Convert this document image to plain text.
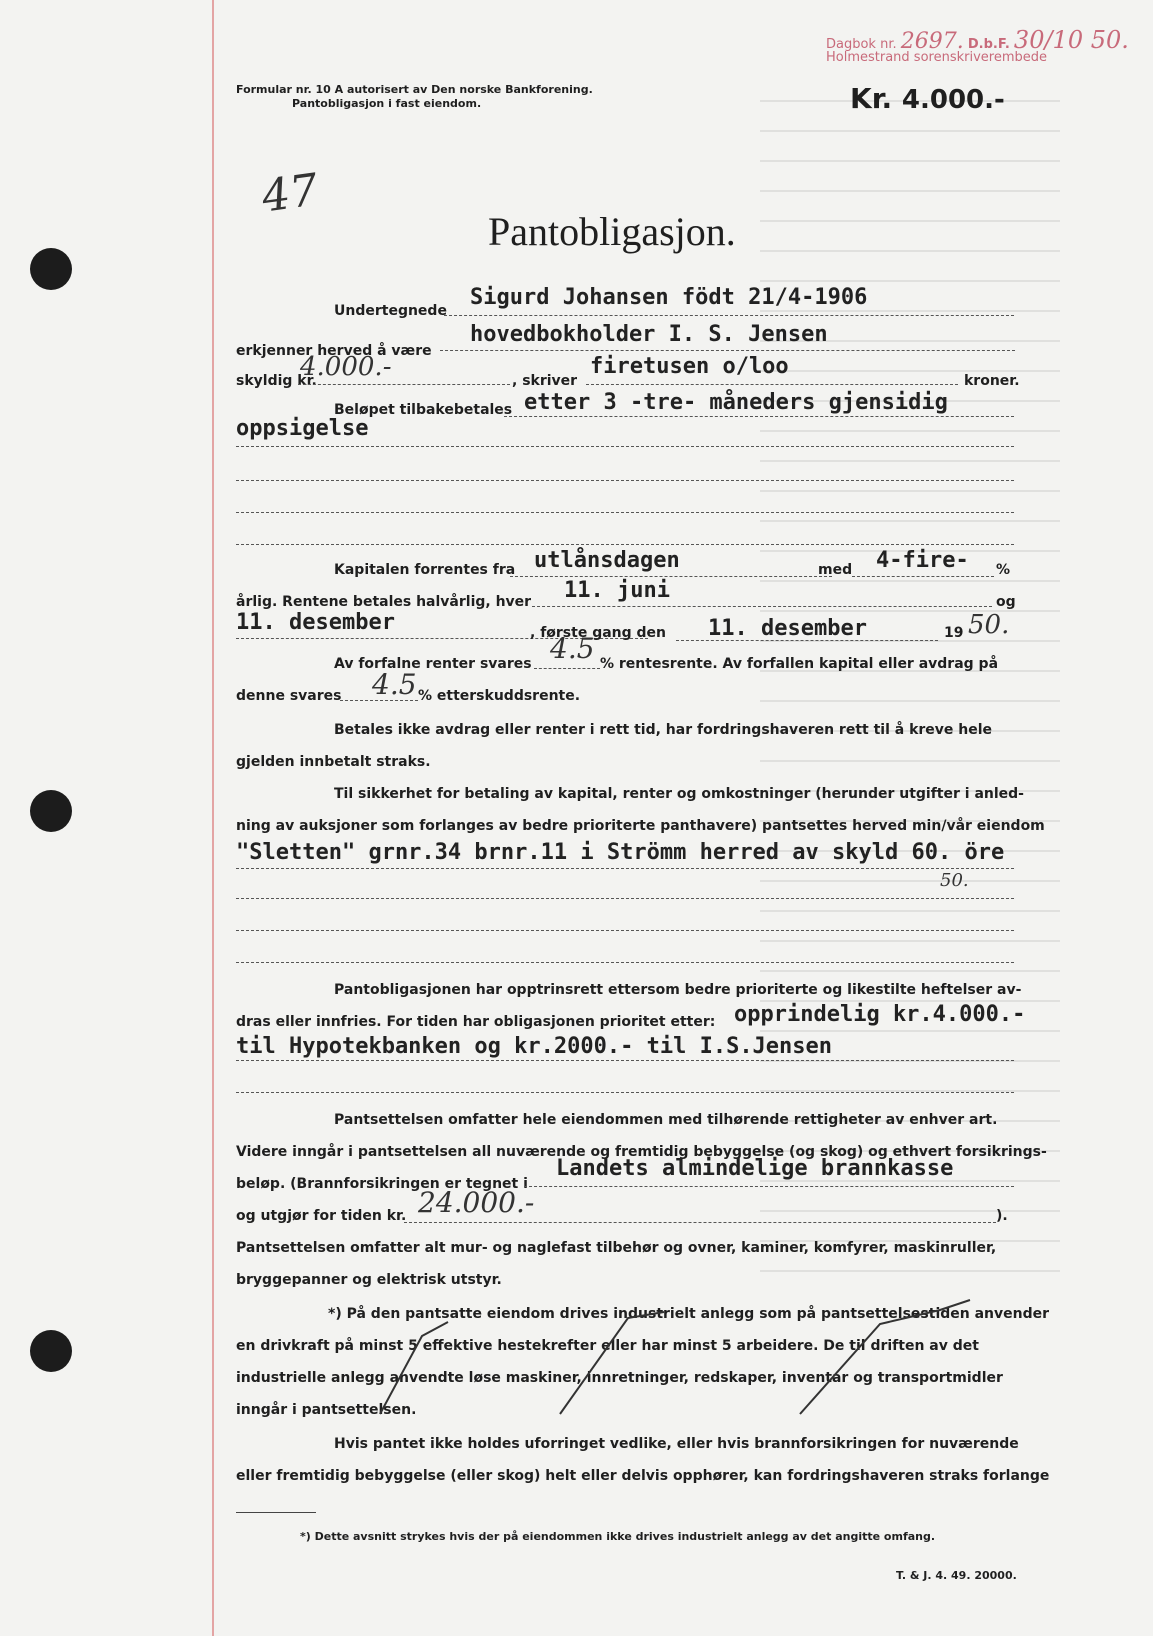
Dagbok nr. 2697. D.b.F. 30/10 50.
Holmestrand sorenskriverembede
Formular nr. 10 A autorisert av Den norske Bankforening.
Pantobligasjon i fast eiendom.	Kr. 4.000.-
47
Pantobligasjon.
Undertegnede
Sigurd Johansen födt 21/4-1906
erkjenner herved å være
hovedbokholder I. S. Jensen
skyldig kr.
4.000.-	, skriver
firetusen o/loo
kroner.
Beløpet tilbakebetales etter 3 -tre- måneders gjensidig
oppsigelse
Kapitalen forrentes fra utlånsdagen	med 4-fire- %
årlig. Rentene betales halvårlig, hver 11. juni	og
11. desember	, første gang den 11. desember	19 50.
Av forfalne renter svares 4.5 % rentesrente. Av forfallen kapital eller avdrag på
denne svares 4.5 % etterskuddsrente.
Betales ikke avdrag eller renter i rett tid, har fordringshaveren rett til å kreve hele
gjelden innbetalt straks.
Til sikkerhet for betaling av kapital, renter og omkostninger (herunder utgifter i anled-
ning av auksjoner som forlanges av bedre prioriterte panthavere) pantsettes herved min/vår eiendom
"Sletten" grnr.34 brnr.11 i Strömm herred av skyld 60. öre
50.
Pantobligasjonen har opptrinsrett ettersom bedre prioriterte og likestilte heftelser av-
dras eller innfries. For tiden har obligasjonen prioritet etter: opprindelig kr.4.000.-
til Hypotekbanken og kr.2000.- til I.S.Jensen
Pantsettelsen omfatter hele eiendommen med tilhørende rettigheter av enhver art.
Videre inngår i pantsettelsen all nuværende og fremtidig bebyggelse (og skog) og ethvert forsikrings-
beløp. (Brannforsikringen er tegnet i
Landets almindelige brannkasse
og utgjør for tiden kr. 24.000.-	).
Pantsettelsen omfatter alt mur- og naglefast tilbehør og ovner, kaminer, komfyrer, maskinruller,
bryggepanner og elektrisk utstyr.
*) På den pantsatte eiendom drives industrielt anlegg som på pantsettelsestiden anvender
en drivkraft på minst 5 effektive hestekrefter eller har minst 5 arbeidere. De til driften av det
industrielle anlegg anvendte løse maskiner, innretninger, redskaper, inventar og transportmidler
inngår i pantsettelsen.
Hvis pantet ikke holdes uforringet vedlike, eller hvis brannforsikringen for nuværende
eller fremtidig bebyggelse (eller skog) helt eller delvis opphører, kan fordringshaveren straks forlange
*) Dette avsnitt strykes hvis der på eiendommen ikke drives industrielt anlegg av det angitte omfang.
T. & J. 4. 49. 20000.
